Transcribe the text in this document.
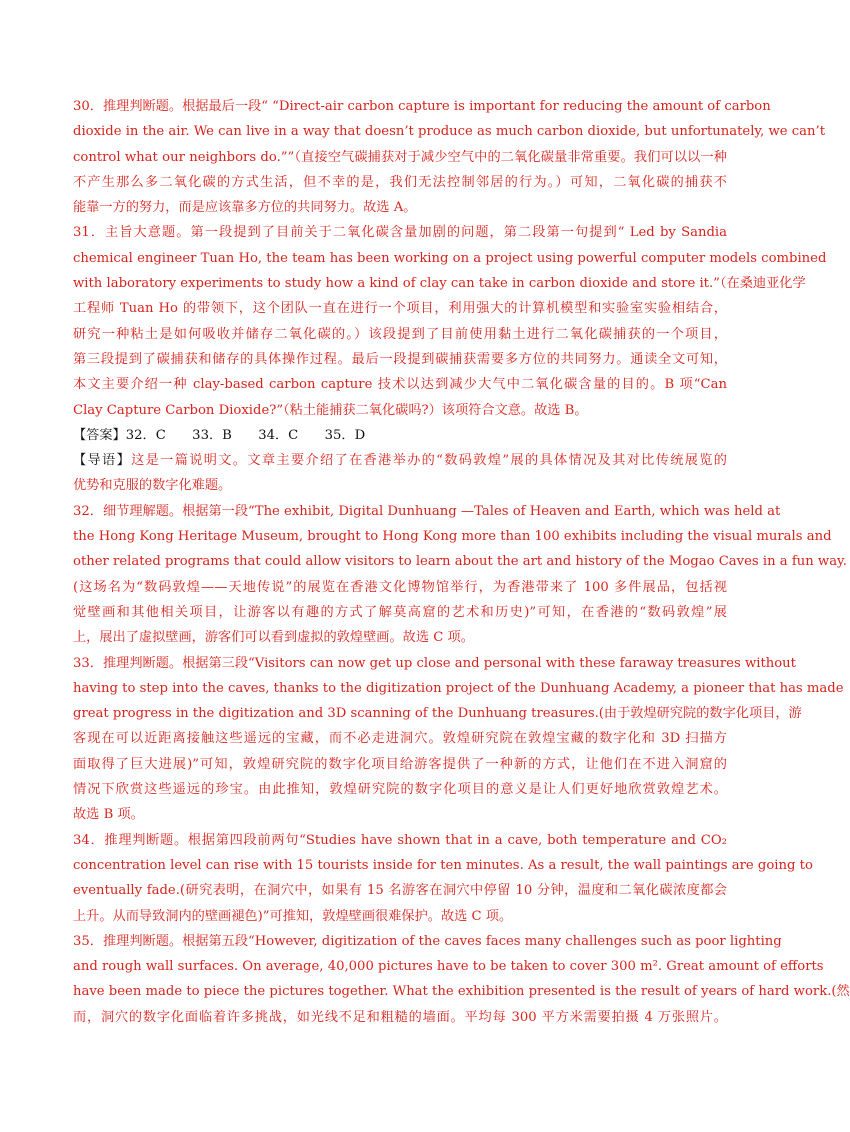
30．推理判断题。根据最后一段“ “Direct-air carbon capture is important for reducing the amount of carbon
dioxide in the air. We can live in a way that doesn’t produce as much carbon dioxide, but unfortunately, we can’t
control what our neighbors do.””（直接空气碳捕获对于减少空气中的二氧化碳量非常重要。我们可以以一种
不产生那么多二氧化碳的方式生活，但不幸的是，我们无法控制邻居的行为。）可知，二氧化碳的捕获不
能靠一方的努力，而是应该靠多方位的共同努力。故选 A。
31．主旨大意题。第一段提到了目前关于二氧化碳含量加剧的问题，第二段第一句提到“ Led by Sandia
chemical engineer Tuan Ho, the team has been working on a project using powerful computer models combined
with laboratory experiments to study how a kind of clay can take in carbon dioxide and store it.”（在桑迪亚化学
工程师 Tuan Ho 的带领下，这个团队一直在进行一个项目，利用强大的计算机模型和实验室实验相结合，
研究一种粘土是如何吸收并储存二氧化碳的。）该段提到了目前使用黏土进行二氧化碳捕获的一个项目，
第三段提到了碳捕获和储存的具体操作过程。最后一段提到碳捕获需要多方位的共同努力。通读全文可知，
本文主要介绍一种 clay-based carbon capture 技术以达到减少大气中二氧化碳含量的目的。B 项“Can
Clay Capture Carbon Dioxide?”（粘土能捕获二氧化碳吗?）该项符合文意。故选 B。
【答案】32．C　　33．B　　34．C　　35．D
【导语】这是一篇说明文。文章主要介绍了在香港举办的“数码敦煌”展的具体情况及其对比传统展览的
优势和克服的数字化难题。
32．细节理解题。根据第一段“The exhibit, Digital Dunhuang —Tales of Heaven and Earth, which was held at
the Hong Kong Heritage Museum, brought to Hong Kong more than 100 exhibits including the visual murals and
other related programs that could allow visitors to learn about the art and history of the Mogao Caves in a fun way.
(这场名为“数码敦煌——天地传说”的展览在香港文化博物馆举行，为香港带来了 100 多件展品，包括视
觉壁画和其他相关项目，让游客以有趣的方式了解莫高窟的艺术和历史)”可知，在香港的“数码敦煌”展
上，展出了虚拟壁画，游客们可以看到虚拟的敦煌壁画。故选 C 项。
33．推理判断题。根据第三段“Visitors can now get up close and personal with these faraway treasures without
having to step into the caves, thanks to the digitization project of the Dunhuang Academy, a pioneer that has made
great progress in the digitization and 3D scanning of the Dunhuang treasures.(由于敦煌研究院的数字化项目，游
客现在可以近距离接触这些遥远的宝藏，而不必走进洞穴。敦煌研究院在敦煌宝藏的数字化和 3D 扫描方
面取得了巨大进展)”可知，敦煌研究院的数字化项目给游客提供了一种新的方式，让他们在不进入洞窟的
情况下欣赏这些遥远的珍宝。由此推知，敦煌研究院的数字化项目的意义是让人们更好地欣赏敦煌艺术。
故选 B 项。
34．推理判断题。根据第四段前两句“Studies have shown that in a cave, both temperature and CO₂
concentration level can rise with 15 tourists inside for ten minutes. As a result, the wall paintings are going to
eventually fade.(研究表明，在洞穴中，如果有 15 名游客在洞穴中停留 10 分钟，温度和二氧化碳浓度都会
上升。从而导致洞内的壁画褪色)”可推知，敦煌壁画很难保护。故选 C 项。
35．推理判断题。根据第五段“However, digitization of the caves faces many challenges such as poor lighting
and rough wall surfaces. On average, 40,000 pictures have to be taken to cover 300 m². Great amount of efforts
have been made to piece the pictures together. What the exhibition presented is the result of years of hard work.(然
而，洞穴的数字化面临着许多挑战，如光线不足和粗糙的墙面。平均每 300 平方米需要拍摄 4 万张照片。
